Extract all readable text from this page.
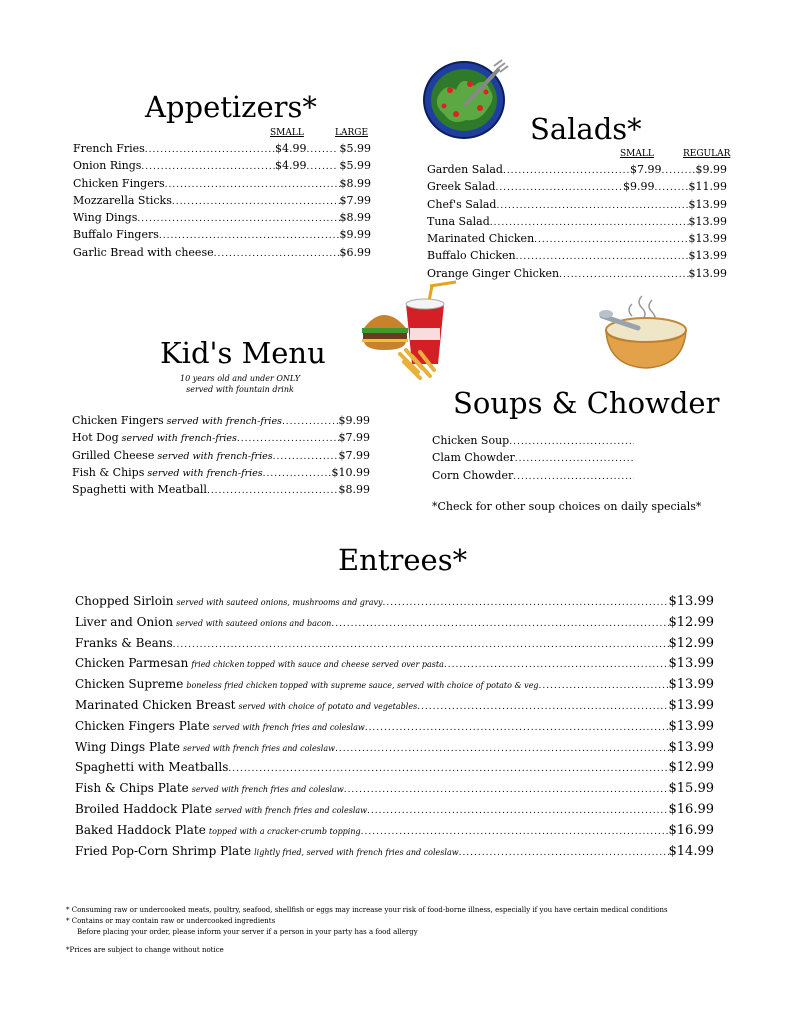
Appetizers*
SMALL	LARGE
French Fries .....	$4.99 .....	$5.99
Onion Rings .....	$4.99 .....	$5.99
Chicken Fingers .....	$8.99
Mozzarella Sticks .....	$7.99
Wing Dings .....	$8.99
Buffalo Fingers .....	$9.99
Garlic Bread with cheese .....	$6.99
Salads*
SMALL	REGULAR
Garden Salad .....	$7.99 .....	$9.99
Greek Salad .....	$9.99 .....	$11.99
Chef's Salad .....	$13.99
Tuna Salad .....	$13.99
Marinated Chicken .....	$13.99
Buffalo Chicken .....	$13.99
Orange Ginger Chicken .....	$13.99
Kid's Menu
10 years old and under ONLY
served with fountain drink
Chicken Fingers served with french-fries .....	$9.99
Hot Dog served with french-fries .....	$7.99
Grilled Cheese served with french-fries .....	$7.99
Fish & Chips served with french-fries .....	$10.99
Spaghetti with Meatball .....	$8.99
Soups & Chowder
Chicken Soup
.....
Clam Chowder
.....
Corn Chowder
.....
*Check for other soup choices on daily specials*
Entrees*
Chopped Sirloin served with sauteed onions, mushrooms and gravy .....	$13.99
Liver and Onion served with sauteed onions and bacon .....	$12.99
Franks & Beans .....	$12.99
Chicken Parmesan fried chicken topped with sauce and cheese served over pasta .....	$13.99
Chicken Supreme boneless fried chicken topped with supreme sauce, served with choice of potato & veg .....	$13.99
Marinated Chicken Breast served with choice of potato and vegetables .....	$13.99
Chicken Fingers Plate served with french fries and coleslaw .....	$13.99
Wing Dings Plate served with french fries and coleslaw .....	$13.99
Spaghetti with Meatballs .....	$12.99
Fish & Chips Plate served with french fries and coleslaw .....	$15.99
Broiled Haddock Plate served with french fries and coleslaw .....	$16.99
Baked Haddock Plate topped with a cracker-crumb topping .....	$16.99
Fried Pop-Corn Shrimp Plate lightly fried, served with french fries and coleslaw .....	$14.99
* Consuming raw or undercooked meats, poultry, seafood, shellfish or eggs may increase your risk of food-borne illness, especially if you have certain medical conditions
* Contains or may contain raw or undercooked ingredients
Before placing your order, please inform your server if a person in your party has a food allergy
*Prices are subject to change without notice
